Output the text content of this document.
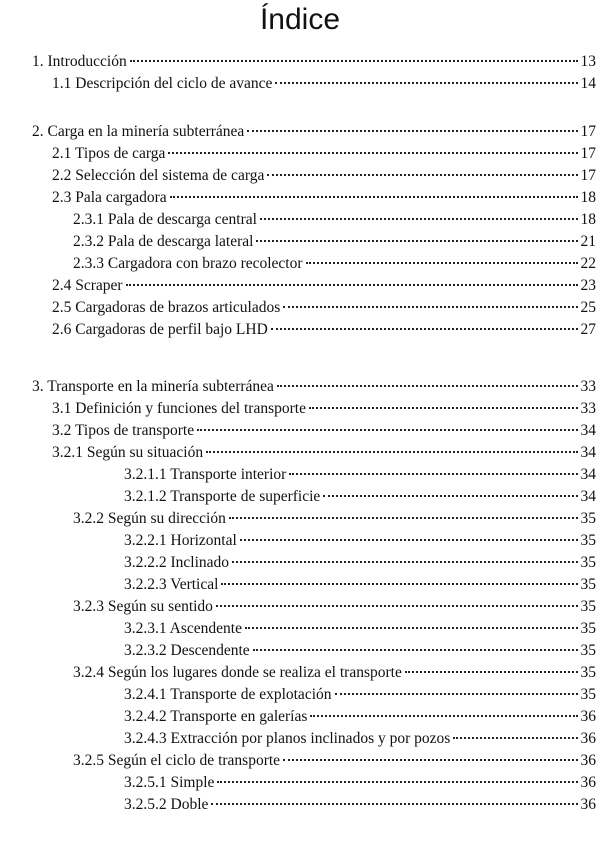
Índice
1. Introducción	13
1.1 Descripción del ciclo de avance	14
2. Carga en la minería subterránea	17
2.1 Tipos de carga	17
2.2 Selección del sistema de carga	17
2.3 Pala cargadora	18
2.3.1 Pala de descarga central	18
2.3.2 Pala de descarga lateral	21
2.3.3 Cargadora con brazo recolector	22
2.4 Scraper	23
2.5 Cargadoras de brazos articulados	25
2.6 Cargadoras de perfil bajo LHD	27
3. Transporte en la minería subterránea	33
3.1 Definición y funciones del transporte	33
3.2 Tipos de transporte	34
3.2.1 Según su situación	34
3.2.1.1 Transporte interior	34
3.2.1.2 Transporte de superficie	34
3.2.2 Según su dirección	35
3.2.2.1 Horizontal	35
3.2.2.2 Inclinado	35
3.2.2.3 Vertical	35
3.2.3 Según su sentido	35
3.2.3.1 Ascendente	35
3.2.3.2 Descendente	35
3.2.4 Según los lugares donde se realiza el transporte	35
3.2.4.1 Transporte de explotación	35
3.2.4.2 Transporte en galerías	36
3.2.4.3 Extracción por planos inclinados y por pozos	36
3.2.5 Según el ciclo de transporte	36
3.2.5.1 Simple	36
3.2.5.2 Doble	36
